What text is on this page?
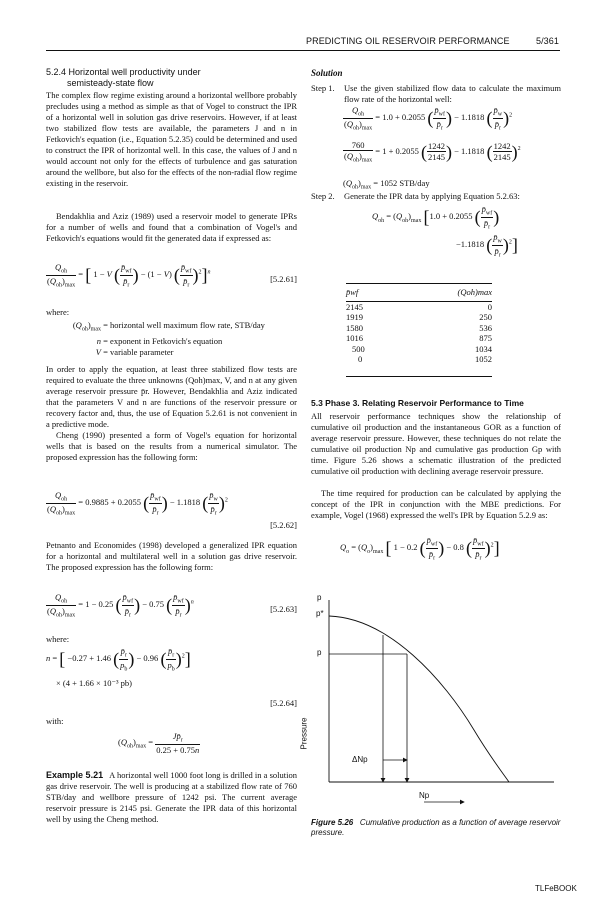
PREDICTING OIL RESERVOIR PERFORMANCE	5/361
5.2.4 Horizontal well productivity under
semisteady-state flow
The complex flow regime existing around a horizontal wellbore probably precludes using a method as simple as that of Vogel to construct the IPR of a horizontal well in solution gas drive reservoirs. However, if at least two stabilized flow tests are available, the parameters J and n in Fetkovich's equation (i.e., Equation 5.2.35) could be determined and used to construct the IPR of horizontal well. In this case, the values of J and n would account not only for the effects of turbulence and gas saturation around the wellbore, but also for the effects of the non-radial flow regime existing in the reservoir.
Bendakhlia and Aziz (1989) used a reservoir model to generate IPRs for a number of wells and found that a combination of Vogel's and Fetkovich's equations would fit the generated data if expressed as:
$\frac{Q_{oh}}{(Q_{oh})_{max}}$ = [ 1 − V ( $\frac{p̄_{wf}}{p̄_r}$ ) − (1 − V) ( $\frac{p̄_{wf}}{p̄_r} )^2]^n$
[5.2.61]
where:
$(Q_{oh})_{max}$ = horizontal well maximum flow rate, STB/day
n = exponent in Fetkovich's equation
V = variable parameter
In order to apply the equation, at least three stabilized flow tests are required to evaluate the three unknowns (Qoh)max, V, and n at any given average reservoir pressure p̄r. However, Bendakhlia and Aziz indicated that the parameters V and n are functions of the reservoir pressure or recovery factor and, thus, the use of Equation 5.2.61 is not convenient in a predictive mode.
Cheng (1990) presented a form of Vogel's equation for horizontal wells that is based on the results from a numerical simulator. The proposed expression has the following form:
$\frac{Q_{oh}}{(Q_{oh})_{max}} = 0.9885 + 0.2055$ ( $\frac{p̄_{wf}}{p̄_r}$ ) − 1.1818 ( $\frac{p̄_w}{p̄_r} )^2$
[5.2.62]
Petnanto and Economides (1998) developed a generalized IPR equation for a horizontal and multilateral well in a solution gas drive reservoir. The proposed expression has the following form:
$\frac{Q_{oh}}{(Q_{oh})_{max}} = 1 - 0.25$ ( $\frac{p̄_{wf}}{p̄_r}$ ) − 0.75 ( $\frac{p̄_{wf}}{p̄_r} )^n$
[5.2.63]
where:
n = [ −0.27 + 1.46 ( $\frac{p̄_r}{p_b}$ ) − 0.96 ( $\frac{p̄_r}{p_b} )^2$]
× (4 + 1.66 × 10⁻³ pb)
[5.2.64]
with:
$(Q_{oh})_{max} = \frac{Jp̄_r}{0.25 + 0.75n}$
Example 5.21 A horizontal well 1000 foot long is drilled in a solution gas drive reservoir. The well is producing at a stabilized flow rate of 760 STB/day and wellbore pressure of 1242 psi. The current average reservoir pressure is 2145 psi. Generate the IPR data of this horizontal well by using the Cheng method.
Solution
Step 1. Use the given stabilized flow data to calculate the maximum flow rate of the horizontal well:
$\frac{Q_{oh}}{(Q_{oh})_{max}} = 1.0 + 0.2055$ ( $\frac{p̄_{wf}}{p̄_r}$ ) − 1.1818 ( $\frac{p̄_w}{p̄_r} )^2$
$\frac{760}{(Q_{oh})_{max}} = 1 + 0.2055$ ( $\frac{1242}{2145}$ ) − 1.1818 ( $\frac{1242}{2145} )^2$
$(Q_{oh})_{max} = 1052$ STB/day
Step 2. Generate the IPR data by applying Equation 5.2.63:
$Q_{oh} = (Q_{oh})_{max}$ [1.0 + 0.2055 ( $\frac{p̄_{wf}}{p̄_r}$ )
−1.1818 ( $\frac{p̄_w}{p̄_r} )^2$]
p̄wf	(Qoh)max

2145	0
1919	250
1580	536
1016	875
500	1034
0	1052
5.3 Phase 3. Relating Reservoir Performance to Time
All reservoir performance techniques show the relationship of cumulative oil production and the instantaneous GOR as a function of average reservoir pressure. However, these techniques do not relate the cumulative oil production Np and cumulative gas production Gp with time. Figure 5.26 shows a schematic illustration of the predicted cumulative oil production with declining average reservoir pressure.
The time required for production can be calculated by applying the concept of the IPR in conjunction with the MBE predictions. For example, Vogel (1968) expressed the well's IPR by Equation 5.2.9 as:
$Q_o = (Q_o)_{max}$ [ 1 − 0.2 ( $\frac{p̄_{wf}}{p̄_r}$ ) − 0.8 ( $\frac{p̄_{wf}}{p̄_r} )^2$]
p
p*
p
Pressure
ΔNp
Np
Figure 5.26 Cumulative production as a function of average reservoir pressure.
TLFeBOOK
